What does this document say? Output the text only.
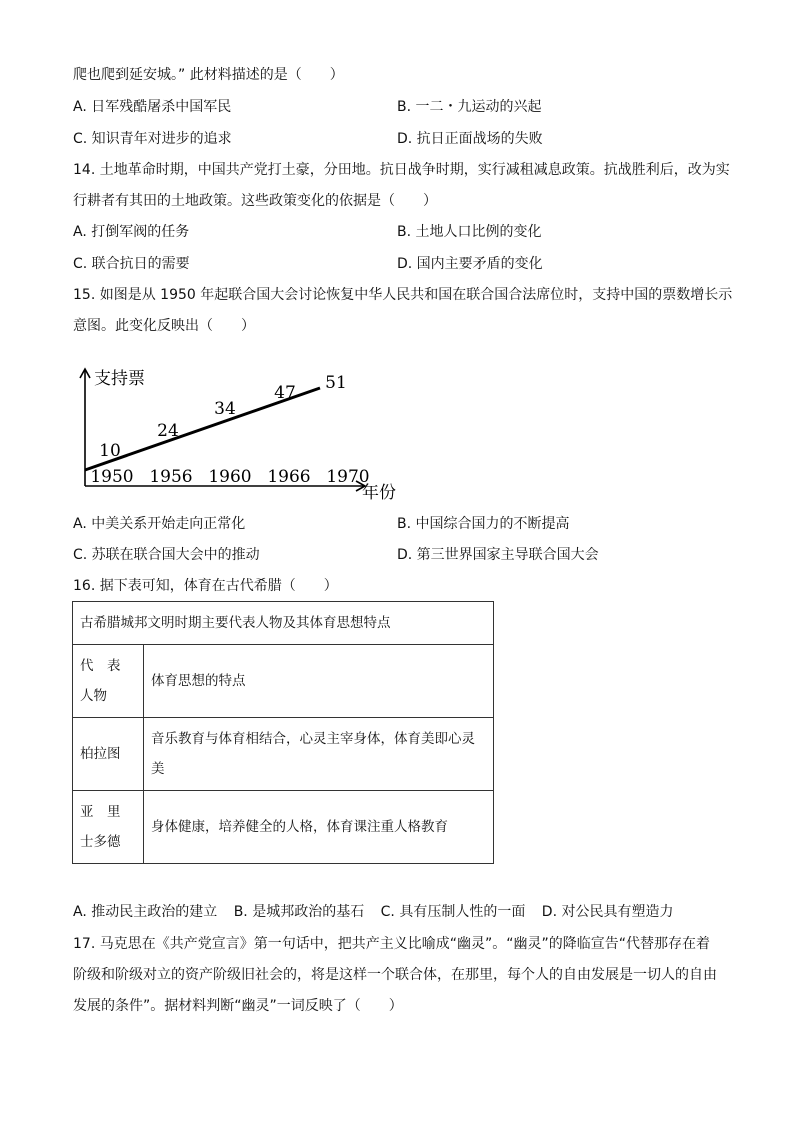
爬也爬到延安城。” 此材料描述的是（　　）
A. 日军残酷屠杀中国军民	B. 一二・九运动的兴起
C. 知识青年对进步的追求	D. 抗日正面战场的失败
14. 土地革命时期，中国共产党打土豪，分田地。抗日战争时期，实行减租减息政策。抗战胜利后，改为实
行耕者有其田的土地政策。这些政策变化的依据是（　　）
A. 打倒军阀的任务	B. 土地人口比例的变化
C. 联合抗日的需要	D. 国内主要矛盾的变化
15. 如图是从 1950 年起联合国大会讨论恢复中华人民共和国在联合国合法席位时，支持中国的票数增长示
意图。此变化反映出（　　）
支持票
年份
1950 1956 1960 1966 1970
10
24
34
47 51
A. 中美关系开始走向正常化	B. 中国综合国力的不断提高
C. 苏联在联合国大会中的推动	D. 第三世界国家主导联合国大会
16. 据下表可知，体育在古代希腊（　　）
古希腊城邦文明时期主要代表人物及其体育思想特点	
代　表　人物	体育思想的特点
柏拉图	音乐教育与体育相结合，心灵主宰身体，体育美即心灵美
亚　里　士多德	身体健康，培养健全的人格，体育课注重人格教育
A. 推动民主政治的建立 B. 是城邦政治的基石 C. 具有压制人性的一面 D. 对公民具有塑造力
17. 马克思在《共产党宣言》第一句话中，把共产主义比喻成“幽灵”。“幽灵”的降临宣告“代替那存在着
阶级和阶级对立的资产阶级旧社会的，将是这样一个联合体，在那里，每个人的自由发展是一切人的自由
发展的条件”。据材料判断“幽灵”一词反映了（　　）
